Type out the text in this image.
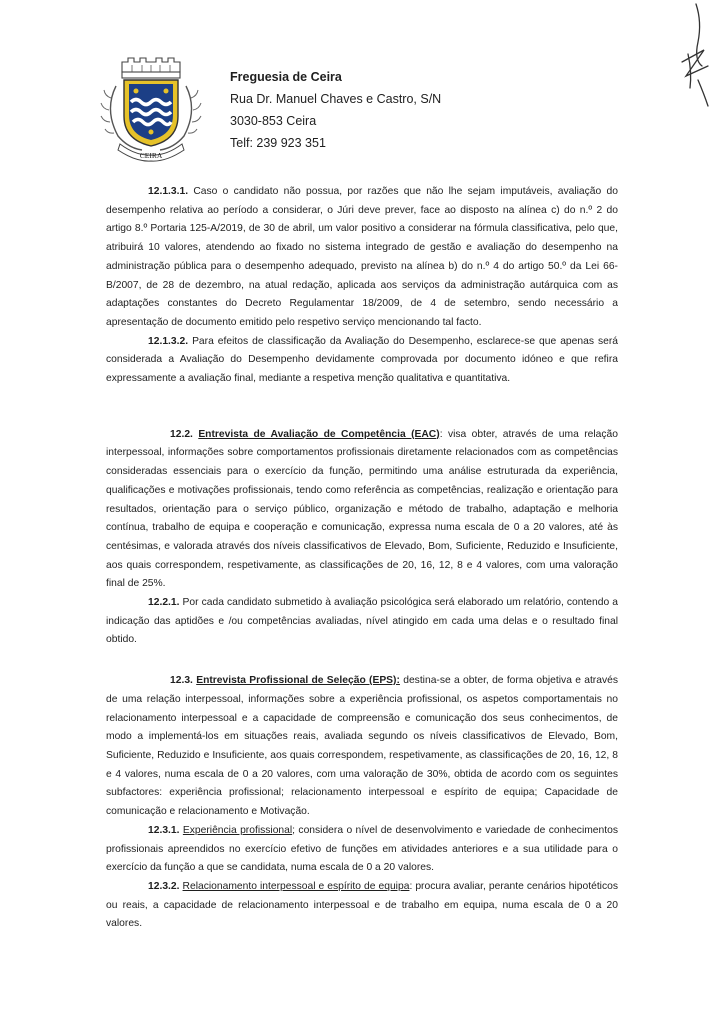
CEIRA
Freguesia de Ceira
Rua Dr. Manuel Chaves e Castro, S/N
3030-853 Ceira
Telf: 239 923 351

12.1.3.1. Caso o candidato não possua, por razões que não lhe sejam imputáveis, avaliação do desempenho relativa ao período a considerar, o Júri deve prever, face ao disposto na alínea c) do n.º 2 do artigo 8.º Portaria 125-A/2019, de 30 de abril, um valor positivo a considerar na fórmula classificativa, pelo que, atribuirá 10 valores, atendendo ao fixado no sistema integrado de gestão e avaliação do desempenho na administração pública para o desempenho adequado, previsto na alínea b) do n.º 4 do artigo 50.º da Lei 66-B/2007, de 28 de dezembro, na atual redação, aplicada aos serviços da administração autárquica com as adaptações constantes do Decreto Regulamentar 18/2009, de 4 de setembro, sendo necessário a apresentação de documento emitido pelo respetivo serviço mencionando tal facto.

12.1.3.2. Para efeitos de classificação da Avaliação do Desempenho, esclarece-se que apenas será considerada a Avaliação do Desempenho devidamente comprovada por documento idóneo e que refira expressamente a avaliação final, mediante a respetiva menção qualitativa e quantitativa.

12.2. Entrevista de Avaliação de Competência (EAC): visa obter, através de uma relação interpessoal, informações sobre comportamentos profissionais diretamente relacionados com as competências consideradas essenciais para o exercício da função, permitindo uma análise estruturada da experiência, qualificações e motivações profissionais, tendo como referência as competências, realização e orientação para resultados, orientação para o serviço público, organização e método de trabalho, adaptação e melhoria contínua, trabalho de equipa e cooperação e comunicação, expressa numa escala de 0 a 20 valores, até às centésimas, e valorada através dos níveis classificativos de Elevado, Bom, Suficiente, Reduzido e Insuficiente, aos quais correspondem, respetivamente, as classificações de 20, 16, 12, 8 e 4 valores, com uma valoração final de 25%.

12.2.1. Por cada candidato submetido à avaliação psicológica será elaborado um relatório, contendo a indicação das aptidões e /ou competências avaliadas, nível atingido em cada uma delas e o resultado final obtido.

12.3. Entrevista Profissional de Seleção (EPS): destina-se a obter, de forma objetiva e através de uma relação interpessoal, informações sobre a experiência profissional, os aspetos comportamentais no relacionamento interpessoal e a capacidade de compreensão e comunicação dos seus conhecimentos, de modo a implementá-los em situações reais, avaliada segundo os níveis classificativos de Elevado, Bom, Suficiente, Reduzido e Insuficiente, aos quais correspondem, respetivamente, as classificações de 20, 16, 12, 8 e 4 valores, numa escala de 0 a 20 valores, com uma valoração de 30%, obtida de acordo com os seguintes subfactores: experiência profissional; relacionamento interpessoal e espírito de equipa; Capacidade de comunicação e relacionamento e Motivação.

12.3.1. Experiência profissional; considera o nível de desenvolvimento e variedade de conhecimentos profissionais apreendidos no exercício efetivo de funções em atividades anteriores e a sua utilidade para o exercício da função a que se candidata, numa escala de 0 a 20 valores.

12.3.2. Relacionamento interpessoal e espírito de equipa: procura avaliar, perante cenários hipotéticos ou reais, a capacidade de relacionamento interpessoal e de trabalho em equipa, numa escala de 0 a 20 valores.
